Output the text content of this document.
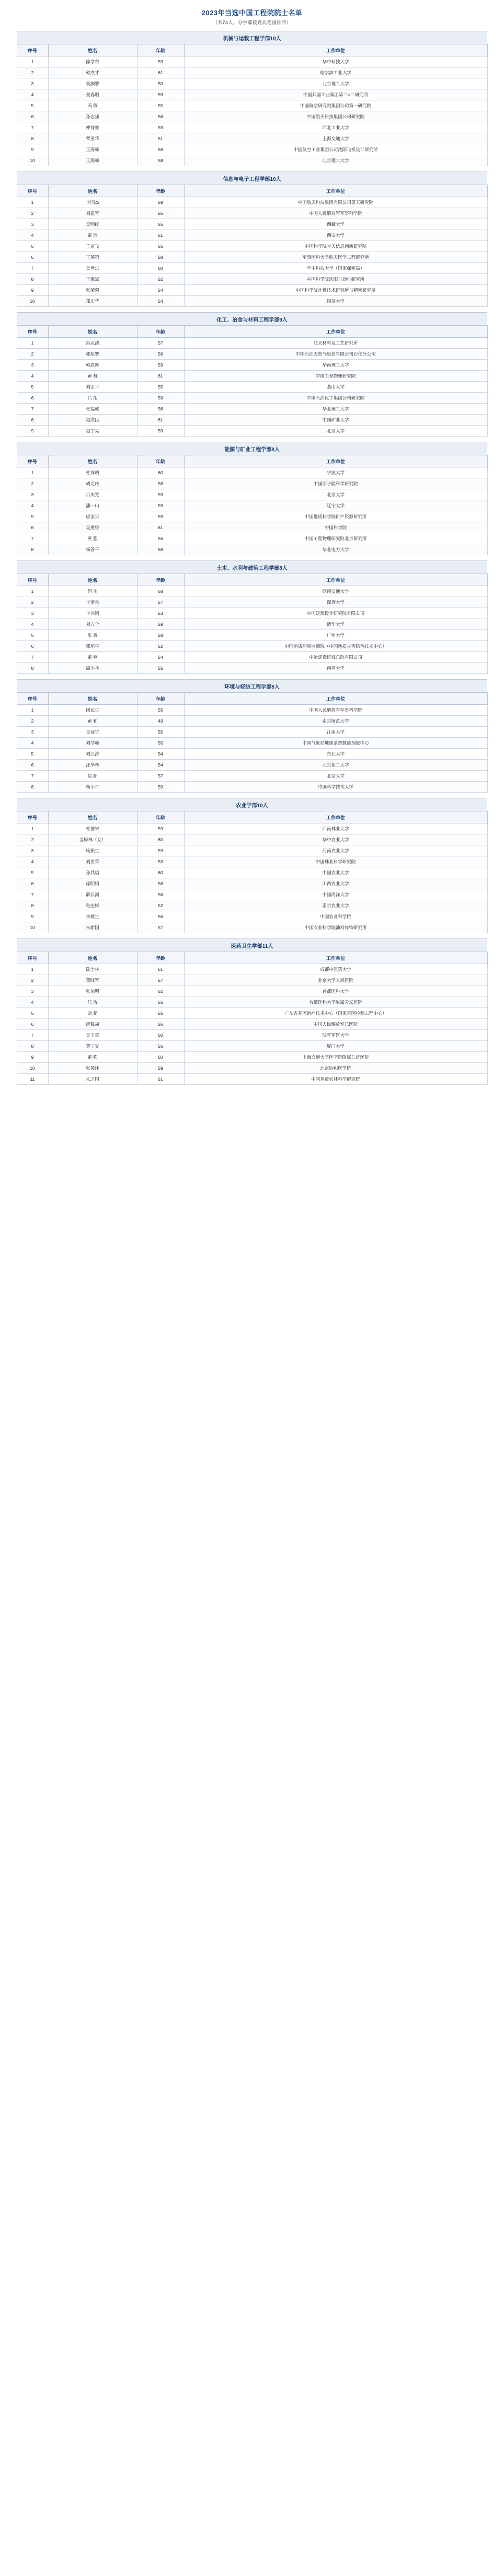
2023年当选中国工程院院士名单
（共74人，分学部按姓氏笔画排序）
机械与运载工程学部10人
序号	姓名	年龄	工作单位
1	陈学东	59	华中科技大学
2	韩杰才	61	哈尔滨工业大学
3	姜澜署	50	北京理工大学
4	姜春明	59	中国兵器工业集团第二○二研究所
5	芮 筱	55	中国航空研究院集团公司第一研究院
6	孙志强	56	中国航天科技集团公司研究院
7	仲锋惟	59	西北工业大学
8	覃亚华	51	上海交通大学
9	王海峰	58	中国航空工业集团公司沈阳飞机设计研究所
10	王海峰	58	北京理工大学
信息与电子工程学部10人
序号	姓名	年龄	工作单位
1	李国杰	59	中国航天科技集团有限公司第五研究院
2	刘建军	55	中国人民解放军军事科学院
3	吴明红	55	西藏大学
4	童 珍	51	西安大学
5	王京飞	55	中国科学院空天信息创新研究院
6	王英策	58	军事医科大学航天医学工程研究所
7	吴世忠	60	华中科技大学（国家保密局）
8	于海斌	52	中国科学院沈阳自动化研究所
9	张荣荣	54	中国科学院计算技术研究所与精密研究所
10	郑庆华	54	同济大学
化工、冶金与材料工程学部9人
序号	姓名	年龄	工作单位
1	冯克清	57	航天材料及工艺研究所
2	郭旭署	56	中国石油天然气股份有限公司石化分公司
3	韩恩厚	59	华南理工大学
4	黄 舞	61	中国工程物理研究院
5	刘正平	55	燕山大学
6	吕 旭	59	中国石油化工集团公司研究院
7	张福成	56	华北理工大学
8	赵洪民	61	中国矿业大学
9	赵宇亮	59	北京大学
能源与矿业工程学部8人
序号	姓名	年龄	工作单位
1	杜祥琬	60	宁波大学
2	胡克庆	58	中国原子能科学研究院
3	吕庆宽	59	北京大学
4	潘一山	59	辽宁大学
5	唐家兴	59	中国地质科学院矿产资源研究所
6	吴重经	61	中国科学院
7	英 强	56	中国工程物理研究院北京研究所
8	杨善平	58	华北电力大学
土木、水利与建筑工程学部8人
序号	姓名	年龄	工作单位
1	何 川	58	西南交通大学
2	李清泉	57	深圳大学
3	李兴钢	53	中国建筑设计研究院有限公司
4	刘方全	59	清华大学
5	张 鑫	58	广州大学
6	郭旭平	52	中国地质环境监测院（中国地质灾害防治技术中心）
7	董 燕	54	中治建设研究总院有限公司
8	周小兵	55	南昌大学
环境与轻纺工程学部8人
序号	姓名	年龄	工作单位
1	团民生	55	中国人民解放军军事科学院
2	黄 和	49	南京师范大学
3	金征宇	55	江南大学
4	刘学峰	55	中国气象局地球系统数值预报中心
5	刘江涛	54	东北大学
6	汪华林	54	北京化工大学
7	徐 阳	57	北京大学
8	杨小牛	59	中国科学技术大学
农业学部10人
序号	姓名	年龄	工作单位
1	杜德宋	59	西南林业大学
2	金梅林（女）	60	华中农业大学
3	康振生	59	河南农业大学
4	刘世荣	53	中国林业科学研究院
5	孙其信	60	中国农业大学
6	徐明则	58	山西农业大学
7	薛长湖	56	中国海洋大学
8	张宏彬	52	南京农业大学
9	李敏生	56	中国农业科学院
10	朱新国	57	中国农业科学院油料作物研究所
医药卫生学部11人
序号	姓名	年龄	工作单位
1	陈士林	61	成都中医药大学
2	董晓军	57	北京大学人民医院
3	张伯明	52	首都医科大学
4	江 涛	55	首都医科大学附属天坛医院
5	刘 超	55	广东省基因治疗技术中心（国家基因检测工程中心）
6	唐佩福	56	中国人民解放军总医院
7	吴玉章	60	陆军军医大学
8	黄宁安	56	厦门大学
9	董 强	60	上海交通大学医学院附属仁济医院
10	张英泽	59	北京协和医学院
11	朱之国	51	中国热带农林科学研究院
